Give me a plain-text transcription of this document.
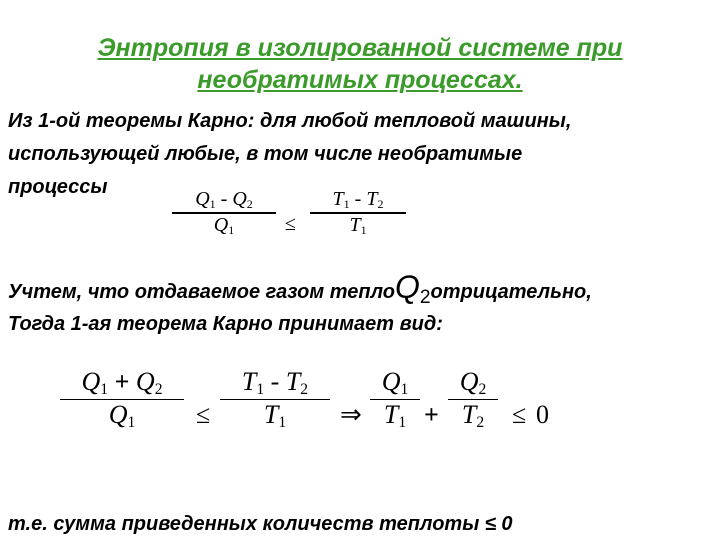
Энтропия в изолированной системе при
необратимых процессах.
Из 1-ой теоремы Карно: для любой тепловой машины,
использующей любые, в том числе необратимые
процессы
$Q_1 - Q_2$
$Q_1$	≤
$T_1 - T_2$
$T_1$
Учтем, что отдаваемое газом теплоQ$_2$отрицательно,
Тогда 1-ая теорема Карно принимает вид:
$Q_1 + Q_2$
$Q_1$	≤
$T_1 - T_2$
$T_1$	⇒
$Q_1$
$T_1$ +
$Q_2$
$T_2$	≤ 0
т.е. сумма приведенных количеств теплоты ≤ 0
